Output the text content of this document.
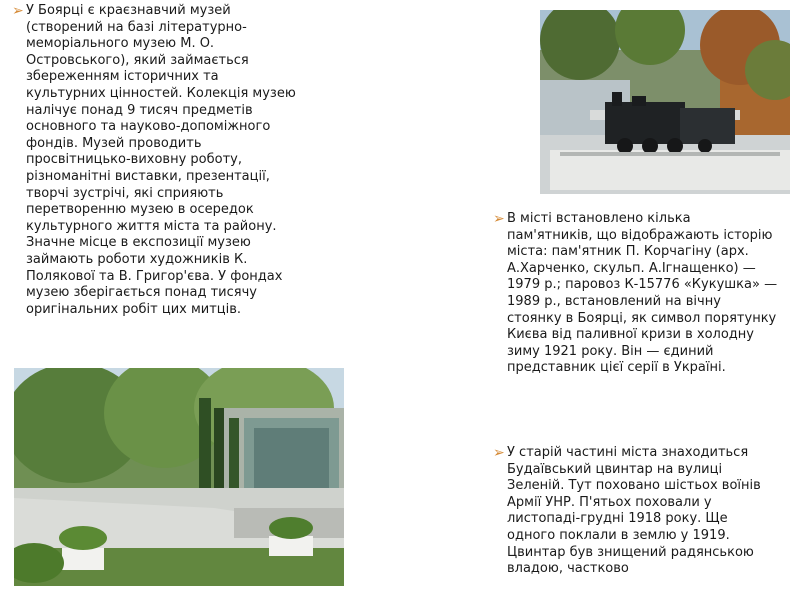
➢ У Боярці є краєзнавчий музей (створений на базі літературно-меморіального музею М. О. Островського), який займається збереженням історичних та культурних цінностей. Колекція музею налічує понад 9 тисяч предметів основного та науково-допоміжного фондів. Музей проводить просвітницько-виховну роботу, різноманітні виставки, презентації, творчі зустрічі, які сприяють перетворенню музею в осередок культурного життя міста та району. Значне місце в експозиції музею займають роботи художників К. Полякової та В. Григор'єва. У фондах музею зберігається понад тисячу оригінальних робіт цих митців.

➢ В місті встановлено кілька пам'ятників, що відображають історію міста: пам'ятник П. Корчагіну (арх. А.Харченко, скульп. А.Ігнащенко) — 1979 р.; паровоз К-15776 «Кукушка» — 1989 р., встановлений на вічну стоянку в Боярці, як символ порятунку Києва від паливної кризи в холодну зиму 1921 року. Він — єдиний представник цієї серії в Україні.

➢ У старій частині міста знаходиться Будаївський цвинтар на вулиці Зеленій. Тут поховано шістьох воїнів Армії УНР. П'ятьох поховали у листопаді-грудні 1918 року. Ще одного поклали в землю у 1919. Цвинтар був знищений радянською владою, частково
